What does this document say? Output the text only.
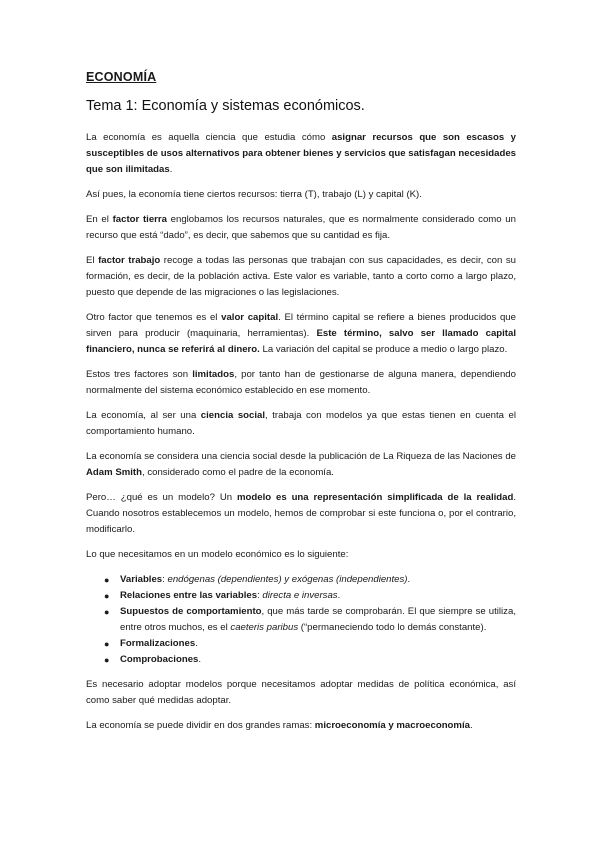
ECONOMÍA
Tema 1: Economía y sistemas económicos.

La economía es aquella ciencia que estudia cómo asignar recursos que son escasos y susceptibles de usos alternativos para obtener bienes y servicios que satisfagan necesidades que son ilimitadas.

Así pues, la economía tiene ciertos recursos: tierra (T), trabajo (L) y capital (K).

En el factor tierra englobamos los recursos naturales, que es normalmente considerado como un recurso que está “dado”, es decir, que sabemos que su cantidad es fija.

El factor trabajo recoge a todas las personas que trabajan con sus capacidades, es decir, con su formación, es decir, de la población activa. Este valor es variable, tanto a corto como a largo plazo, puesto que depende de las migraciones o las legislaciones.

Otro factor que tenemos es el valor capital. El término capital se refiere a bienes producidos que sirven para producir (maquinaria, herramientas). Este término, salvo ser llamado capital financiero, nunca se referirá al dinero. La variación del capital se produce a medio o largo plazo.

Estos tres factores son limitados, por tanto han de gestionarse de alguna manera, dependiendo normalmente del sistema económico establecido en ese momento.

La economía, al ser una ciencia social, trabaja con modelos ya que estas tienen en cuenta el comportamiento humano.

La economía se considera una ciencia social desde la publicación de La Riqueza de las Naciones de Adam Smith, considerado como el padre de la economía.

Pero… ¿qué es un modelo? Un modelo es una representación simplificada de la realidad. Cuando nosotros establecemos un modelo, hemos de comprobar si este funciona o, por el contrario, modificarlo.

Lo que necesitamos en un modelo económico es lo siguiente:

● Variables: endógenas (dependientes) y exógenas (independientes).
● Relaciones entre las variables: directa e inversas.
● Supuestos de comportamiento, que más tarde se comprobarán. El que siempre se utiliza, entre otros muchos, es el caeteris paribus (“permaneciendo todo lo demás constante).
● Formalizaciones.
● Comprobaciones.

Es necesario adoptar modelos porque necesitamos adoptar medidas de política económica, así como saber qué medidas adoptar.

La economía se puede dividir en dos grandes ramas: microeconomía y macroeconomía.
